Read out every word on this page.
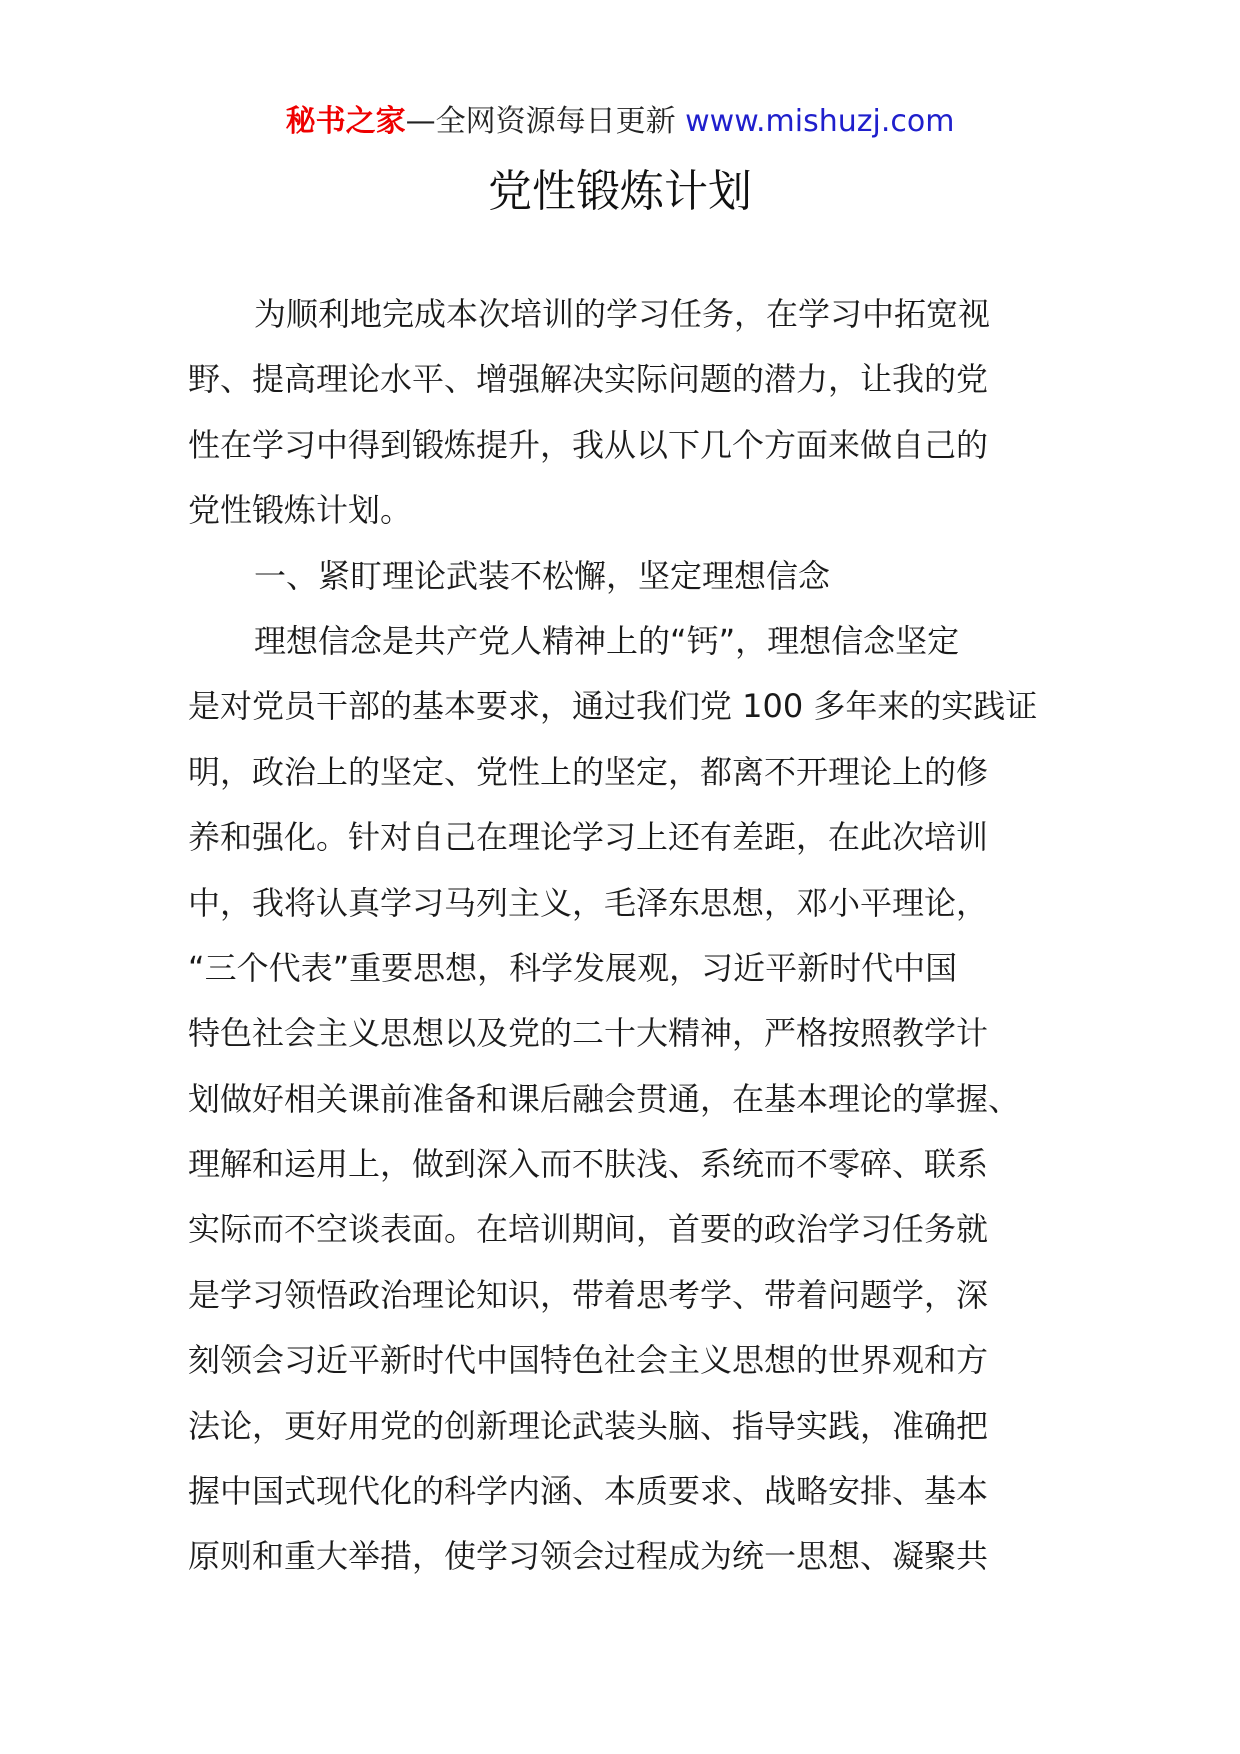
秘书之家—全网资源每日更新 www.mishuzj.com
党性锻炼计划
为顺利地完成本次培训的学习任务，在学习中拓宽视
野、提高理论水平、增强解决实际问题的潜力，让我的党
性在学习中得到锻炼提升，我从以下几个方面来做自己的
党性锻炼计划。
一、紧盯理论武装不松懈，坚定理想信念
理想信念是共产党人精神上的“钙”，理想信念坚定
是对党员干部的基本要求，通过我们党 100 多年来的实践证
明，政治上的坚定、党性上的坚定，都离不开理论上的修
养和强化。针对自己在理论学习上还有差距，在此次培训
中，我将认真学习马列主义，毛泽东思想，邓小平理论，
“三个代表”重要思想，科学发展观，习近平新时代中国
特色社会主义思想以及党的二十大精神，严格按照教学计
划做好相关课前准备和课后融会贯通，在基本理论的掌握、
理解和运用上，做到深入而不肤浅、系统而不零碎、联系
实际而不空谈表面。在培训期间，首要的政治学习任务就
是学习领悟政治理论知识，带着思考学、带着问题学，深
刻领会习近平新时代中国特色社会主义思想的世界观和方
法论，更好用党的创新理论武装头脑、指导实践，准确把
握中国式现代化的科学内涵、本质要求、战略安排、基本
原则和重大举措，使学习领会过程成为统一思想、凝聚共
